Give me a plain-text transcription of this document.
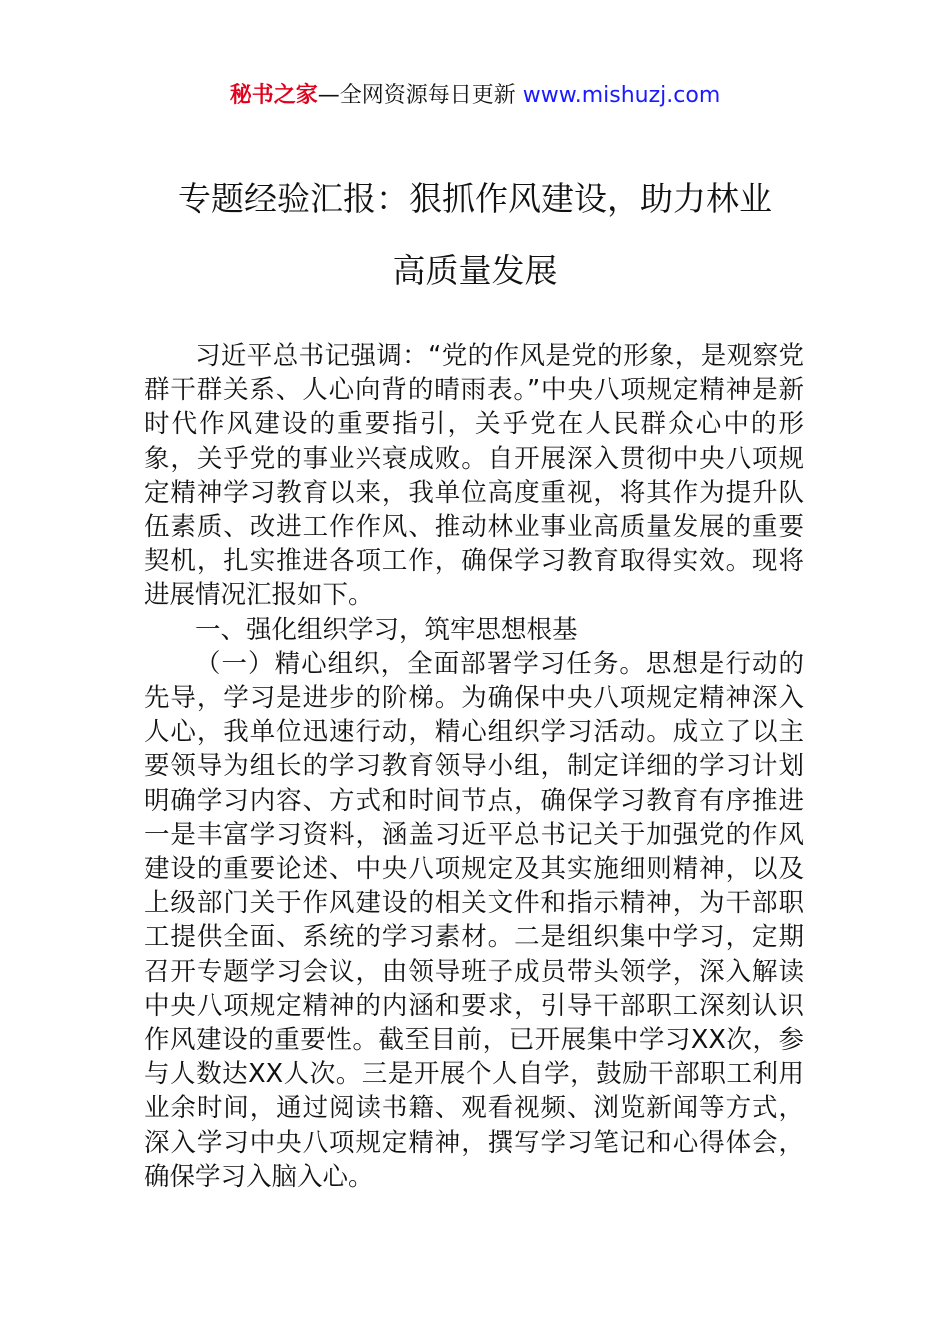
秘书之家—全网资源每日更新 www.mishuzj.com
专题经验汇报：狠抓作风建设，助力林业
高质量发展

习近平总书记强调：“党的作风是党的形象，是观察党群干群关系、人心向背的晴雨表。”中央八项规定精神是新时代作风建设的重要指引，关乎党在人民群众心中的形象，关乎党的事业兴衰成败。自开展深入贯彻中央八项规定精神学习教育以来，我单位高度重视，将其作为提升队伍素质、改进工作作风、推动林业事业高质量发展的重要契机，扎实推进各项工作，确保学习教育取得实效。现将进展情况汇报如下。

一、强化组织学习，筑牢思想根基

（一）精心组织，全面部署学习任务。思想是行动的先导，学习是进步的阶梯。为确保中央八项规定精神深入人心，我单位迅速行动，精心组织学习活动。成立了以主要领导为组长的学习教育领导小组，制定详细的学习计划明确学习内容、方式和时间节点，确保学习教育有序推进一是丰富学习资料，涵盖习近平总书记关于加强党的作风建设的重要论述、中央八项规定及其实施细则精神，以及上级部门关于作风建设的相关文件和指示精神，为干部职工提供全面、系统的学习素材。二是组织集中学习，定期召开专题学习会议，由领导班子成员带头领学，深入解读中央八项规定精神的内涵和要求，引导干部职工深刻认识作风建设的重要性。截至目前，已开展集中学习XX次，参与人数达XX人次。三是开展个人自学，鼓励干部职工利用业余时间，通过阅读书籍、观看视频、浏览新闻等方式，深入学习中央八项规定精神，撰写学习笔记和心得体会，确保学习入脑入心。
